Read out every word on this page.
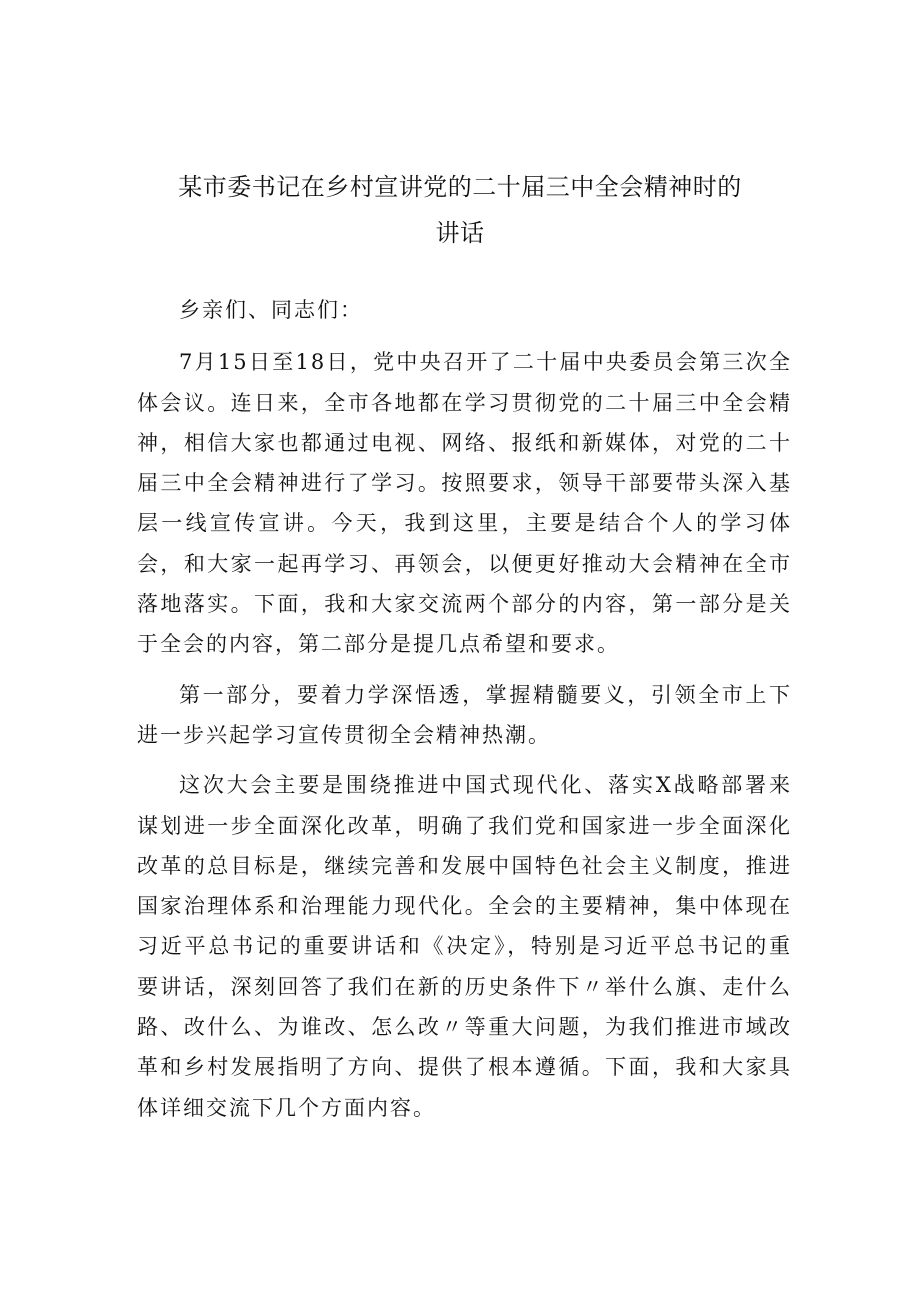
某市委书记在乡村宣讲党的二十届三中全会精神时的
讲话

乡亲们、同志们：

7月15日至18日，党中央召开了二十届中央委员会第三次全体会议。连日来，全市各地都在学习贯彻党的二十届三中全会精神，相信大家也都通过电视、网络、报纸和新媒体，对党的二十届三中全会精神进行了学习。按照要求，领导干部要带头深入基层一线宣传宣讲。今天，我到这里，主要是结合个人的学习体会，和大家一起再学习、再领会，以便更好推动大会精神在全市落地落实。下面，我和大家交流两个部分的内容，第一部分是关于全会的内容，第二部分是提几点希望和要求。

第一部分，要着力学深悟透，掌握精髓要义，引领全市上下进一步兴起学习宣传贯彻全会精神热潮。

这次大会主要是围绕推进中国式现代化、落实X战略部署来谋划进一步全面深化改革，明确了我们党和国家进一步全面深化改革的总目标是，继续完善和发展中国特色社会主义制度，推进国家治理体系和治理能力现代化。全会的主要精神，集中体现在习近平总书记的重要讲话和《决定》，特别是习近平总书记的重要讲话，深刻回答了我们在新的历史条件下〃举什么旗、走什么路、改什么、为谁改、怎么改〃等重大问题，为我们推进市域改革和乡村发展指明了方向、提供了根本遵循。下面，我和大家具体详细交流下几个方面内容。
